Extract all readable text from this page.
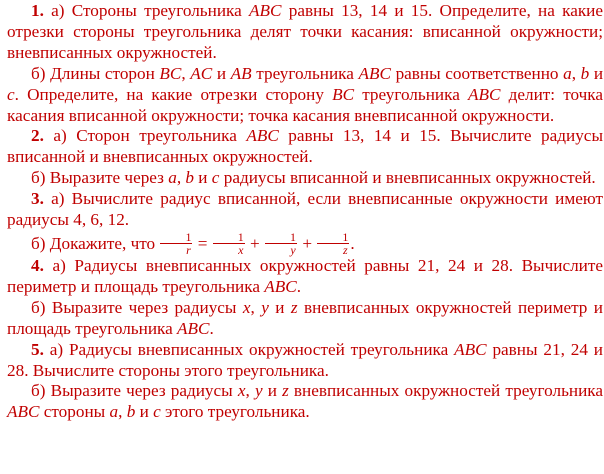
1. а) Стороны треугольника ABC равны 13, 14 и 15. Определите, на какие отрезки стороны треугольника делят точки касания: вписанной окружности; вневписанных окружностей.

б) Длины сторон BC, AC и AB треугольника ABC равны соответственно a, b и c. Определите, на какие отрезки сторону BC треугольника ABC делит: точка касания вписанной окружности; точка касания вневписанной окружности.

2. а) Сторон треугольника ABC равны 13, 14 и 15. Вычислите радиусы вписанной и вневписанных окружностей.

б) Выразите через a, b и c радиусы вписанной и вневписанных окружностей.

3. а) Вычислите радиус вписанной, если вневписанные окружности имеют радиусы 4, 6, 12.

б) Докажите, что $\frac{1}{r} = \frac{1}{x} + \frac{1}{y} + \frac{1}{z}$ .

4. а) Радиусы вневписанных окружностей равны 21, 24 и 28. Вычислите периметр и площадь треугольника ABC.

б) Выразите через радиусы x, y и z вневписанных окружностей периметр и площадь треугольника ABC.

5. а) Радиусы вневписанных окружностей треугольника ABC равны 21, 24 и 28. Вычислите стороны этого треугольника.

б) Выразите через радиусы x, y и z вневписанных окружностей треугольника ABC стороны a, b и c этого треугольника.
